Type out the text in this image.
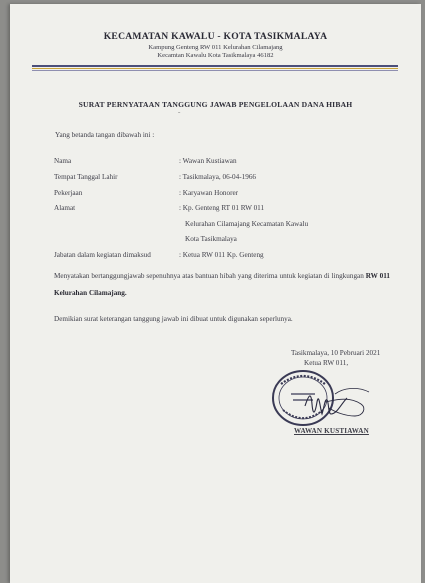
KECAMATAN KAWALU - KOTA TASIKMALAYA
Kampung Genteng RW 011 Kelurahan Cilamajang
Kecamtan Kawalu Kota Tasikmalaya 46182
SURAT PERNYATAAN TANGGUNG JAWAB PENGELOLAAN DANA HIBAH
ˇ
Yang betanda tangan dibawah ini :
Nama	: Wawan Kustiawan
Tempat Tanggal Lahir	: Tasikmalaya, 06-04-1966
Pekerjaan	: Karyawan Honorer
Alamat	: Kp. Genteng RT 01 RW 011
Kelurahan Cilamajang Kecamatan Kawalu
Kota Tasikmalaya
Jabatan dalam kegiatan dimaksud	: Ketua RW 011 Kp. Genteng
Menyatakan bertanggungjawab sepenuhnya atas bantuan hibah yang diterima untuk kegiatan di lingkungan RW 011 Kelurahan Cilamajang.
Demikian surat keterangan tanggung jawab ini dibuat untuk digunakan seperlunya.
Tasikmalaya, 10 Pebruari 2021
Ketua RW 011,
WAWAN KUSTIAWAN
